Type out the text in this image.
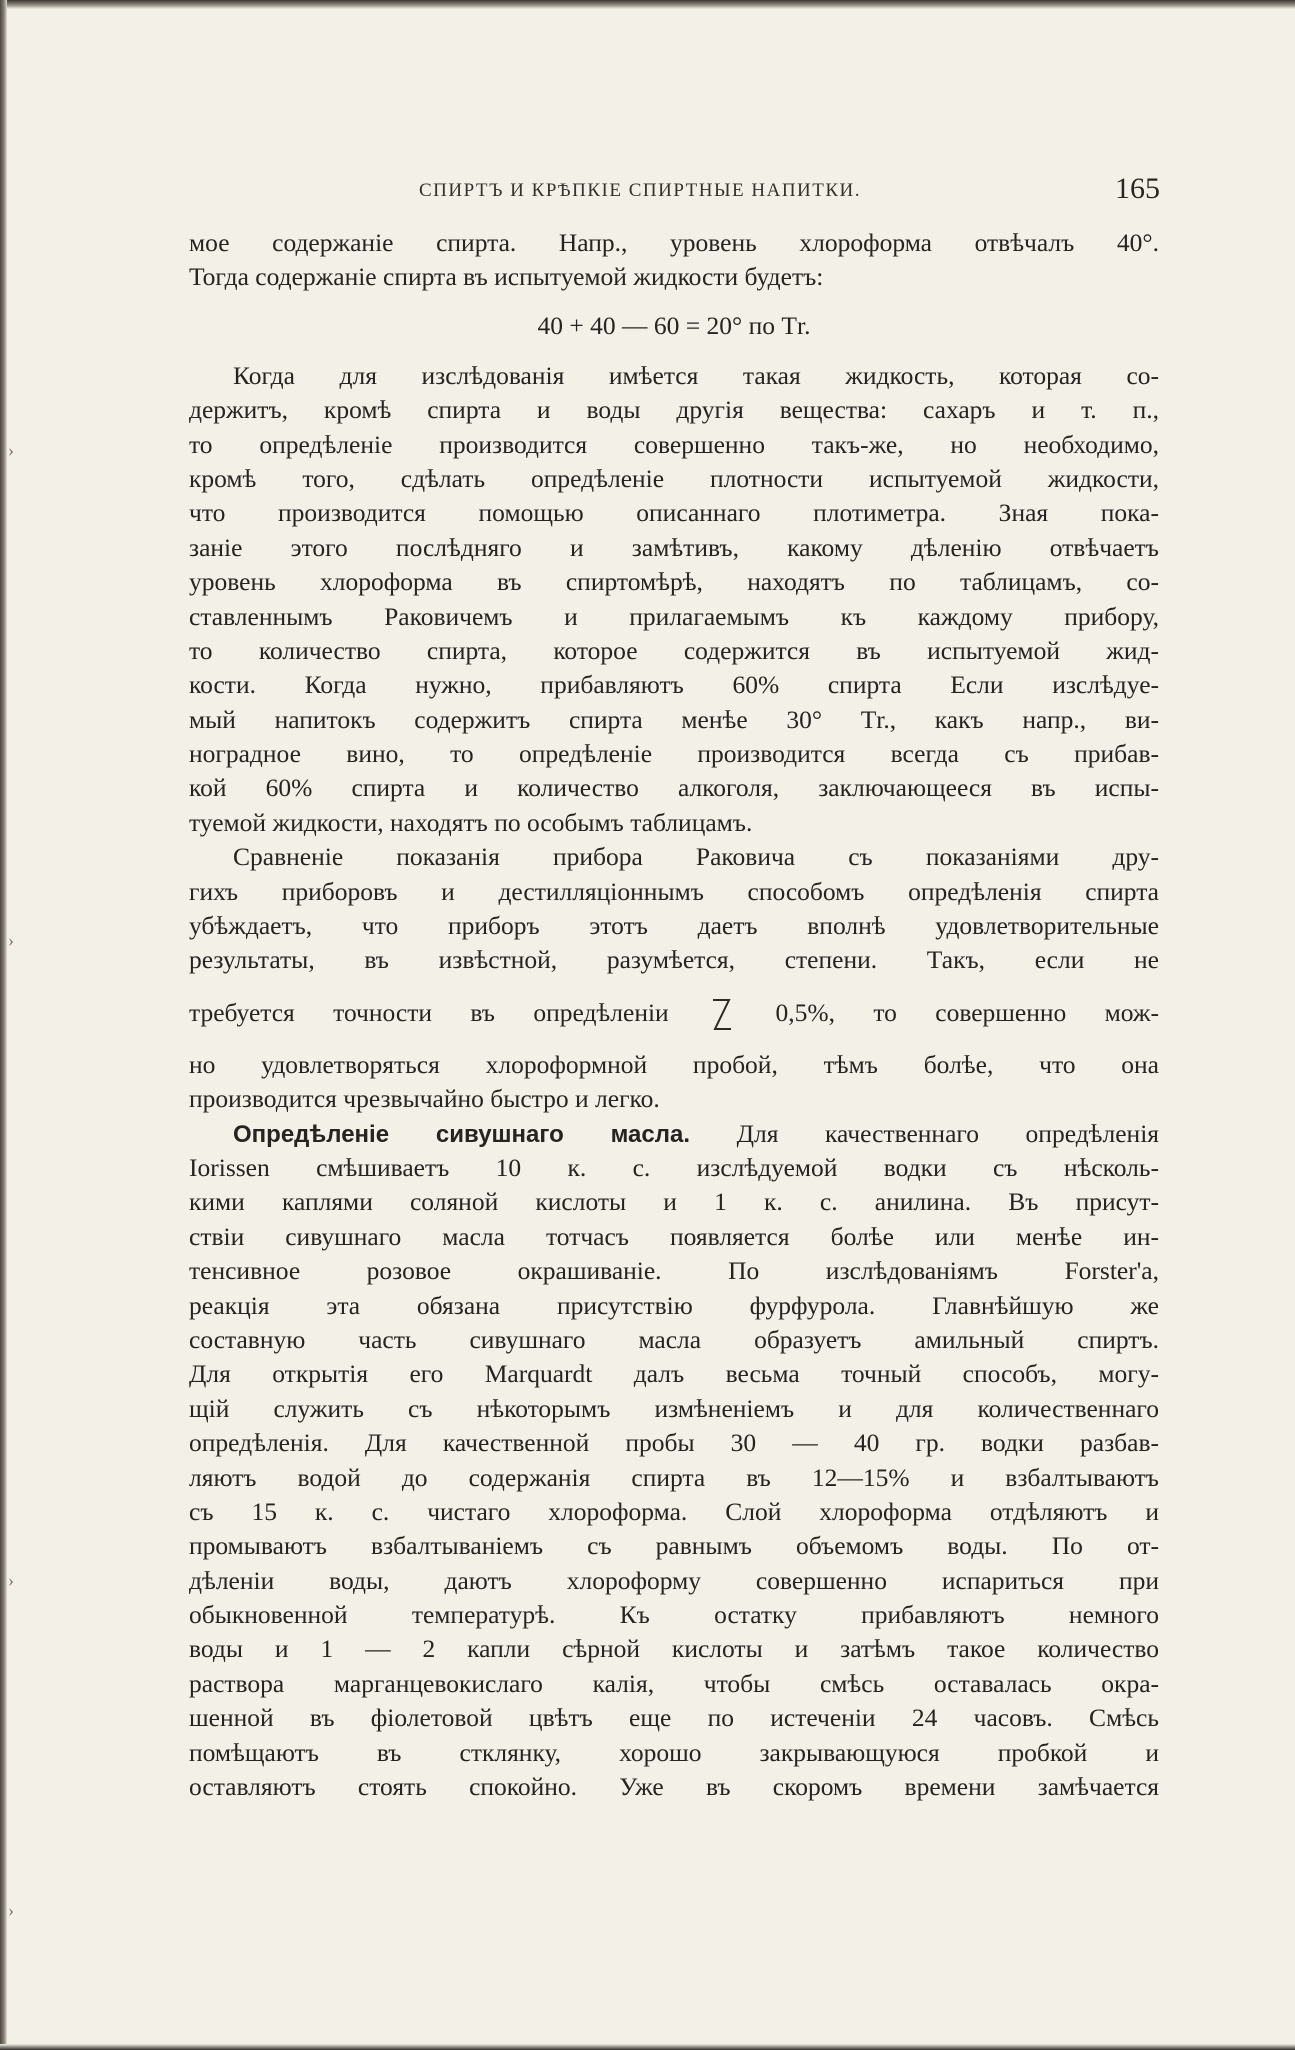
›
›
›
›
СПИРТЪ И КРѢПКІЕ СПИРТНЫЕ НАПИТКИ.	165
мое содержаніе спирта. Напр., уровень хлороформа отвѣчалъ 40°.
Тогда содержаніе спирта въ испытуемой жидкости будетъ:
40 + 40 — 60 = 20° по Тr.
Когда для изслѣдованія имѣется такая жидкость, которая со-
держитъ, кромѣ спирта и воды другія вещества: сахаръ и т. п.,
то опредѣленіе производится совершенно такъ-же, но необходимо,
кромѣ того, сдѣлать опредѣленіе плотности испытуемой жидкости,
что производится помощью описаннаго плотиметра. Зная пока-
заніе этого послѣдняго и замѣтивъ, какому дѣленію отвѣчаетъ
уровень хлороформа въ спиртомѣрѣ, находятъ по таблицамъ, со-
ставленнымъ Раковичемъ и прилагаемымъ къ каждому прибору,
то количество спирта, которое содержится въ испытуемой жид-
кости. Когда нужно, прибавляютъ 60% спирта Если изслѣдуе-
мый напитокъ содержитъ спирта менѣе 30° Тr., какъ напр., ви-
ноградное вино, то опредѣленіе производится всегда съ прибав-
кой 60% спирта и количество алкоголя, заключающееся въ испы-
туемой жидкости, находятъ по особымъ таблицамъ.
Сравненіе показанія прибора Раковича съ показаніями дру-
гихъ приборовъ и дестилляціоннымъ способомъ опредѣленія спирта
убѣждаетъ, что приборъ этотъ даетъ вполнѣ удовлетворительные
результаты, въ извѣстной, разумѣется, степени. Такъ, если не
требуется точности въ опредѣленіи	0,5%, то совершенно мож-
но удовлетворяться хлороформной пробой, тѣмъ болѣе, что она
производится чрезвычайно быстро и легко.
Опредѣленіе сивушнаго масла. Для качественнаго опредѣленія
Iorissen смѣшиваетъ 10 к. с. изслѣдуемой водки съ нѣсколь-
кими каплями соляной кислоты и 1 к. с. анилина. Въ присут-
ствіи сивушнаго масла тотчасъ появляется болѣе или менѣе ин-
тенсивное розовое окрашиваніе. По изслѣдованіямъ Forster'а,
реакція эта обязана присутствію фурфурола. Главнѣйшую же
составную часть сивушнаго масла образуетъ амильный спиртъ.
Для открытія его Marquardt далъ весьма точный способъ, могу-
щій служить съ нѣкоторымъ измѣненіемъ и для количественнаго
опредѣленія. Для качественной пробы 30 — 40 гр. водки разбав-
ляютъ водой до содержанія спирта въ 12—15% и взбалтываютъ
съ 15 к. с. чистаго хлороформа. Слой хлороформа отдѣляютъ и
промываютъ взбалтываніемъ съ равнымъ объемомъ воды. По от-
дѣленіи воды, даютъ хлороформу совершенно испариться при
обыкновенной температурѣ. Къ остатку прибавляютъ немного
воды и 1 — 2 капли сѣрной кислоты и затѣмъ такое количество
раствора марганцевокислаго калія, чтобы смѣсь оставалась окра-
шенной въ фіолетовой цвѣтъ еще по истеченіи 24 часовъ. Смѣсь
помѣщаютъ въ стклянку, хорошо закрывающуюся пробкой и
оставляютъ стоять спокойно. Уже въ скоромъ времени замѣчается
